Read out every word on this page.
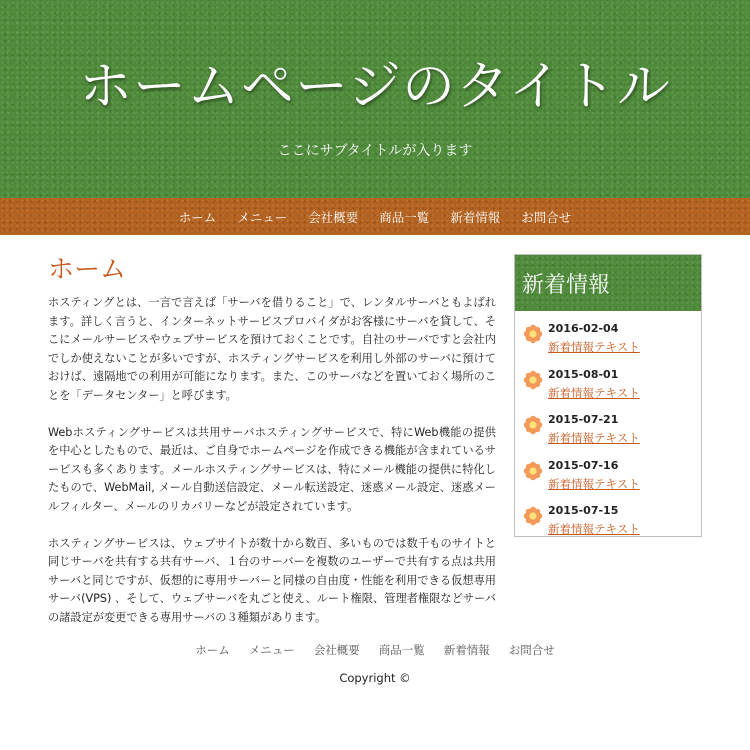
ホームページのタイトル
ここにサブタイトルが入ります
ホーム メニュー 会社概要 商品一覧 新着情報 お問合せ
ホーム

ホスティングとは、一言で言えば「サーバを借りること」で、レンタルサーバともよばれます。詳しく言うと、インターネットサービスプロバイダがお客様にサーバを貸して、そこにメールサービスやウェブサービスを預けておくことです。自社のサーバですと会社内でしか使えないことが多いですが、ホスティングサービスを利用し外部のサーバに預けておけば、遠隔地での利用が可能になります。また、このサーバなどを置いておく場所のことを「データセンター」と呼びます。

Webホスティングサービスは共用サーバホスティングサービスで、特にWeb機能の提供を中心としたもので、最近は、ご自身でホームページを作成できる機能が含まれているサービスも多くあります。メールホスティングサービスは、特にメール機能の提供に特化したもので、WebMail, メール自動送信設定、メール転送設定、迷惑メール設定、迷惑メールフィルター、メールのリカバリーなどが設定されています。

ホスティングサービスは、ウェブサイトが数十から数百、多いものでは数千ものサイトと同じサーバを共有する共有サーバ、１台のサーバーを複数のユーザーで共有する点は共用サーバと同じですが、仮想的に専用サーバーと同様の自由度・性能を利用できる仮想専用サーバ(VPS) 、そして、ウェブサーバを丸ごと使え、ルート権限、管理者権限などサーバの諸設定が変更できる専用サーバの３種類があります。

新着情報
2016-02-04
新着情報テキスト
2015-08-01
新着情報テキスト
2015-07-21
新着情報テキスト
2015-07-16
新着情報テキスト
2015-07-15
新着情報テキスト
ホーム メニュー 会社概要 商品一覧 新着情報 お問合せ
Copyright ©
